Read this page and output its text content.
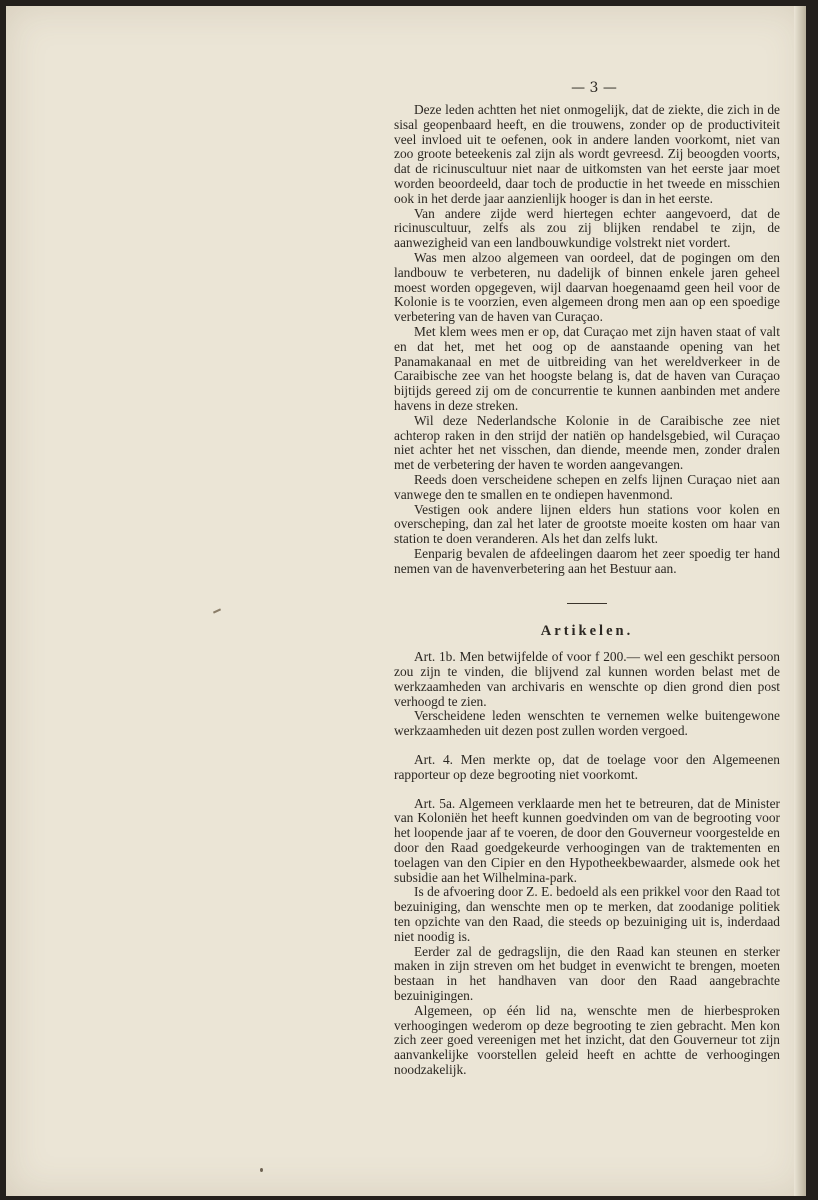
— 3 —

Deze leden achtten het niet onmogelijk, dat de ziekte, die zich in de sisal geopenbaard heeft, en die trouwens, zonder op de productiviteit veel invloed uit te oefenen, ook in andere landen voorkomt, niet van zoo groote beteekenis zal zijn als wordt gevreesd. Zij beoogden voorts, dat de ricinuscultuur niet naar de uitkomsten van het eerste jaar moet worden beoordeeld, daar toch de productie in het tweede en misschien ook in het derde jaar aanzienlijk hooger is dan in het eerste.

Van andere zijde werd hiertegen echter aangevoerd, dat de ricinuscultuur, zelfs als zou zij blijken rendabel te zijn, de aanwezigheid van een landbouwkundige volstrekt niet vordert.

Was men alzoo algemeen van oordeel, dat de pogingen om den landbouw te verbeteren, nu dadelijk of binnen enkele jaren geheel moest worden opgegeven, wijl daarvan hoegenaamd geen heil voor de Kolonie is te voorzien, even algemeen drong men aan op een spoedige verbetering van de haven van Curaçao.

Met klem wees men er op, dat Curaçao met zijn haven staat of valt en dat het, met het oog op de aanstaande opening van het Panamakanaal en met de uitbreiding van het wereldverkeer in de Caraibische zee van het hoogste belang is, dat de haven van Curaçao bijtijds gereed zij om de concurrentie te kunnen aanbinden met andere havens in deze streken.

Wil deze Nederlandsche Kolonie in de Caraibische zee niet achterop raken in den strijd der natiën op handelsgebied, wil Curaçao niet achter het net visschen, dan diende, meende men, zonder dralen met de verbetering der haven te worden aangevangen.

Reeds doen verscheidene schepen en zelfs lijnen Curaçao niet aan vanwege den te smallen en te ondiepen havenmond.

Vestigen ook andere lijnen elders hun stations voor kolen en overscheping, dan zal het later de grootste moeite kosten om haar van station te doen veranderen. Als het dan zelfs lukt.

Eenparig bevalen de afdeelingen daarom het zeer spoedig ter hand nemen van de havenverbetering aan het Bestuur aan.

Artikelen.

Art. 1b. Men betwijfelde of voor f 200.— wel een geschikt persoon zou zijn te vinden, die blijvend zal kunnen worden belast met de werkzaamheden van archivaris en wenschte op dien grond dien post verhoogd te zien.

Verscheidene leden wenschten te vernemen welke buitengewone werkzaamheden uit dezen post zullen worden vergoed.

Art. 4. Men merkte op, dat de toelage voor den Algemeenen rapporteur op deze begrooting niet voorkomt.

Art. 5a. Algemeen verklaarde men het te betreuren, dat de Minister van Koloniën het heeft kunnen goedvinden om van de begrooting voor het loopende jaar af te voeren, de door den Gouverneur voorgestelde en door den Raad goedgekeurde verhoogingen van de traktementen en toelagen van den Cipier en den Hypotheekbewaarder, alsmede ook het subsidie aan het Wilhelmina-park.

Is de afvoering door Z. E. bedoeld als een prikkel voor den Raad tot bezuiniging, dan wenschte men op te merken, dat zoodanige politiek ten opzichte van den Raad, die steeds op bezuiniging uit is, inderdaad niet noodig is.

Eerder zal de gedragslijn, die den Raad kan steunen en sterker maken in zijn streven om het budget in evenwicht te brengen, moeten bestaan in het handhaven van door den Raad aangebrachte bezuinigingen.

Algemeen, op één lid na, wenschte men de hierbesproken verhoogingen wederom op deze begrooting te zien gebracht. Men kon zich zeer goed vereenigen met het inzicht, dat den Gouverneur tot zijn aanvankelijke voorstellen geleid heeft en achtte de verhoogingen noodzakelijk.
